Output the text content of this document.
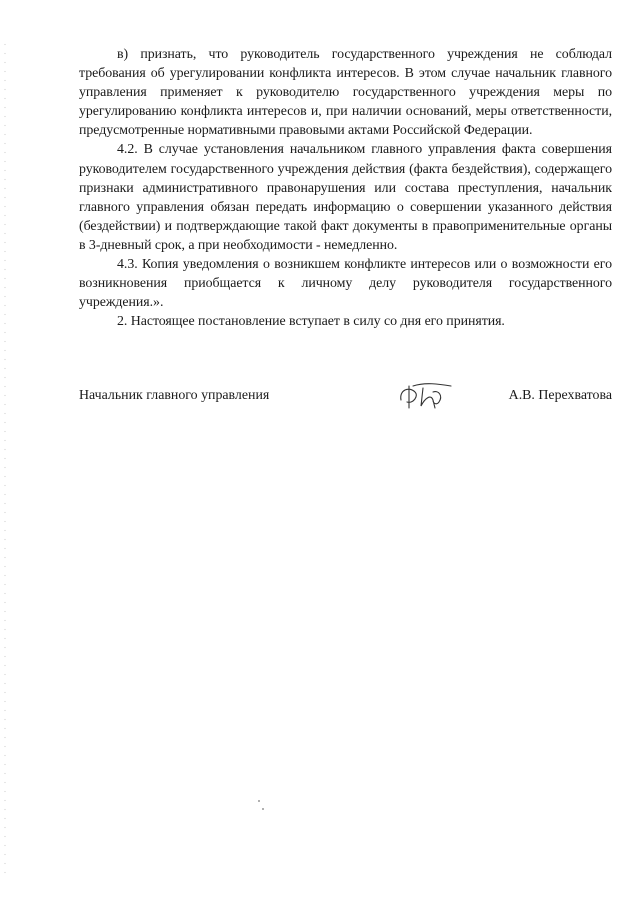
в) признать, что руководитель государственного учреждения не соблюдал требования об урегулировании конфликта интересов. В этом случае начальник главного управления применяет к руководителю государственного учреждения меры по урегулированию конфликта интересов и, при наличии оснований, меры ответственности, предусмотренные нормативными правовыми актами Российской Федерации.

4.2. В случае установления начальником главного управления факта совершения руководителем государственного учреждения действия (факта бездействия), содержащего признаки административного правонарушения или состава преступления, начальник главного управления обязан передать информацию о совершении указанного действия (бездействии) и подтверждающие такой факт документы в правоприменительные органы в 3-дневный срок, а при необходимости - немедленно.

4.3. Копия уведомления о возникшем конфликте интересов или о возможности его возникновения приобщается к личному делу руководителя государственного учреждения.».

2. Настоящее постановление вступает в силу со дня его принятия.

Начальник главного управления	А.В. Перехватова
